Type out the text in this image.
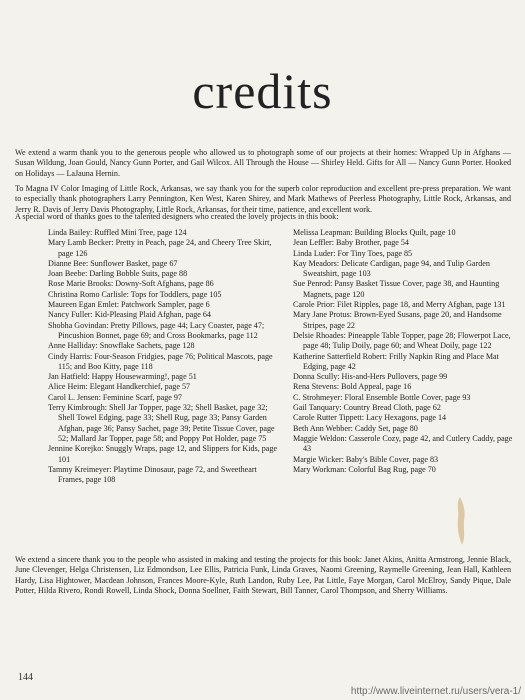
credits

We extend a warm thank you to the generous people who allowed us to photograph some of our projects at their homes: Wrapped Up in Afghans — Susan Wildung, Joan Gould, Nancy Gunn Porter, and Gail Wilcox. All Through the House — Shirley Held. Gifts for All — Nancy Gunn Porter. Hooked on Holidays — LaJauna Hernin.

To Magna IV Color Imaging of Little Rock, Arkansas, we say thank you for the superb color reproduction and excellent pre-press preparation. We want to especially thank photographers Larry Pennington, Ken West, Karen Shirey, and Mark Mathews of Peerless Photography, Little Rock, Arkansas, and Jerry R. Davis of Jerry Davis Photography, Little Rock, Arkansas, for their time, patience, and excellent work.

A special word of thanks goes to the talented designers who created the lovely projects in this book:

Linda Bailey: Ruffled Mini Tree, page 124

Mary Lamb Becker: Pretty in Peach, page 24, and Cheery Tree Skirt, page 126

Dianne Bee: Sunflower Basket, page 67

Joan Beebe: Darling Bobble Suits, page 88

Rose Marie Brooks: Downy-Soft Afghans, page 86

Christina Romo Carlisle: Tops for Toddlers, page 105

Maureen Egan Emlet: Patchwork Sampler, page 6

Nancy Fuller: Kid-Pleasing Plaid Afghan, page 64

Shobha Govindan: Pretty Pillows, page 44; Lacy Coaster, page 47; Pincushion Bonnet, page 69; and Cross Bookmarks, page 112

Anne Halliday: Snowflake Sachets, page 128

Cindy Harris: Four-Season Fridgies, page 76; Political Mascots, page 115; and Boo Kitty, page 118

Jan Hatfield: Happy Housewarming!, page 51

Alice Heim: Elegant Handkerchief, page 57

Carol L. Jensen: Feminine Scarf, page 97

Terry Kimbrough: Shell Jar Topper, page 32; Shell Basket, page 32; Shell Towel Edging, page 33; Shell Rug, page 33; Pansy Garden Afghan, page 36; Pansy Sachet, page 39; Petite Tissue Cover, page 52; Mallard Jar Topper, page 58; and Poppy Pot Holder, page 75

Jennine Korejko: Snuggly Wraps, page 12, and Slippers for Kids, page 101

Tammy Kreimeyer: Playtime Dinosaur, page 72, and Sweetheart Frames, page 108

Melissa Leapman: Building Blocks Quilt, page 10

Jean Leffler: Baby Brother, page 54

Linda Luder: For Tiny Toes, page 85

Kay Meadors: Delicate Cardigan, page 94, and Tulip Garden Sweatshirt, page 103

Sue Penrod: Pansy Basket Tissue Cover, page 38, and Haunting Magnets, page 120

Carole Prior: Filet Ripples, page 18, and Merry Afghan, page 131

Mary Jane Protus: Brown-Eyed Susans, page 20, and Handsome Stripes, page 22

Delsie Rhoades: Pineapple Table Topper, page 28; Flowerpot Lace, page 48; Tulip Doily, page 60; and Wheat Doily, page 122

Katherine Satterfield Robert: Frilly Napkin Ring and Place Mat Edging, page 42

Donna Scully: His-and-Hers Pullovers, page 99

Rena Stevens: Bold Appeal, page 16

C. Strohmeyer: Floral Ensemble Bottle Cover, page 93

Gail Tanquary: Country Bread Cloth, page 62

Carole Rutter Tippett: Lacy Hexagons, page 14

Beth Ann Webber: Caddy Set, page 80

Maggie Weldon: Casserole Cozy, page 42, and Cutlery Caddy, page 43

Margie Wicker: Baby's Bible Cover, page 83

Mary Workman: Colorful Bag Rug, page 70

We extend a sincere thank you to the people who assisted in making and testing the projects for this book: Janet Akins, Anitta Armstrong, Jennie Black, June Clevenger, Helga Christensen, Liz Edmondson, Lee Ellis, Patricia Funk, Linda Graves, Naomi Greening, Raymelle Greening, Jean Hall, Kathleen Hardy, Lisa Hightower, Macdean Johnson, Frances Moore-Kyle, Ruth Landon, Ruby Lee, Pat Little, Faye Morgan, Carol McElroy, Sandy Pique, Dale Potter, Hilda Rivero, Rondi Rowell, Linda Shock, Donna Soellner, Faith Stewart, Bill Tanner, Carol Thompson, and Sherry Williams.

144
http://www.liveinternet.ru/users/vera-1/
